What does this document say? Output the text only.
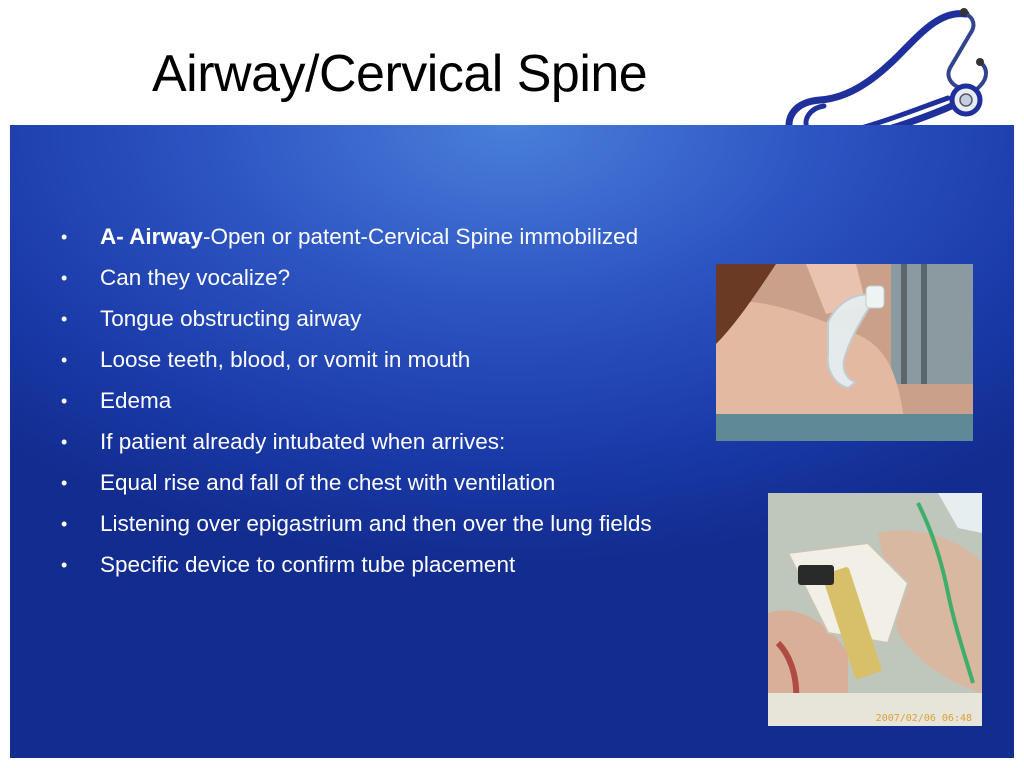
Airway/Cervical Spine
• A- Airway-Open or patent-Cervical Spine immobilized
• Can they vocalize?
• Tongue obstructing airway
• Loose teeth, blood, or vomit in mouth
• Edema
• If patient already intubated when arrives:
• Equal rise and fall of the chest with ventilation
• Listening over epigastrium and then over the lung fields
• Specific device to confirm tube placement
2007/02/06 06:48
